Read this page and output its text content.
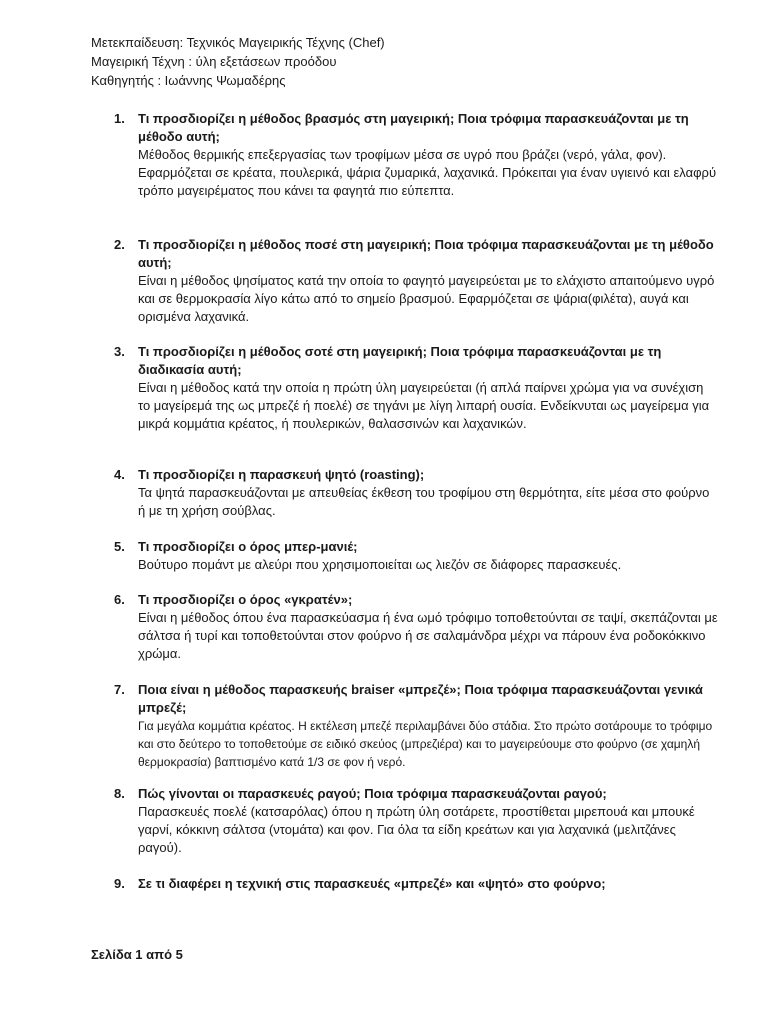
Μετεκπαίδευση: Τεχνικός Μαγειρικής Τέχνης (Chef)
Μαγειρική Τέχνη : ύλη εξετάσεων προόδου
Καθηγητής : Ιωάννης Ψωμαδέρης
1. Τι προσδιορίζει η μέθοδος βρασμός στη μαγειρική; Ποια τρόφιμα παρασκευάζονται με τη μέθοδο αυτή;
Μέθοδος θερμικής επεξεργασίας των τροφίμων μέσα σε υγρό που βράζει (νερό, γάλα, φον). Εφαρμόζεται σε κρέατα, πουλερικά, ψάρια ζυμαρικά, λαχανικά. Πρόκειται για έναν υγιεινό και ελαφρύ τρόπο μαγειρέματος που κάνει τα φαγητά πιο εύπεπτα.
2. Τι προσδιορίζει η μέθοδος ποσέ στη μαγειρική; Ποια τρόφιμα παρασκευάζονται με τη μέθοδο αυτή;
Είναι η μέθοδος ψησίματος κατά την οποία το φαγητό μαγειρεύεται με το ελάχιστο απαιτούμενο υγρό και σε θερμοκρασία λίγο κάτω από το σημείο βρασμού. Εφαρμόζεται σε ψάρια(φιλέτα), αυγά και ορισμένα λαχανικά.
3. Τι προσδιορίζει η μέθοδος σοτέ στη μαγειρική; Ποια τρόφιμα παρασκευάζονται με τη διαδικασία αυτή;
Είναι η μέθοδος κατά την οποία η πρώτη ύλη μαγειρεύεται (ή απλά παίρνει χρώμα για να συνέχιση το μαγείρεμά της ως μπρεζέ ή ποελέ) σε τηγάνι με λίγη λιπαρή ουσία. Ενδείκνυται ως μαγείρεμα για μικρά κομμάτια κρέατος, ή πουλερικών, θαλασσινών και λαχανικών.
4. Τι προσδιορίζει η παρασκευή ψητό (roasting);
Τα ψητά παρασκευάζονται με απευθείας έκθεση του τροφίμου στη θερμότητα, είτε μέσα στο φούρνο ή με τη χρήση σούβλας.
5. Τι προσδιορίζει ο όρος μπερ-μανιέ;
Βούτυρο πομάντ με αλεύρι που χρησιμοποιείται ως λιεζόν σε διάφορες παρασκευές.
6. Τι προσδιορίζει ο όρος «γκρατέν»;
Είναι η μέθοδος όπου ένα παρασκεύασμα ή ένα ωμό τρόφιμο τοποθετούνται σε ταψί, σκεπάζονται με σάλτσα ή τυρί και τοποθετούνται στον φούρνο ή σε σαλαμάνδρα μέχρι να πάρουν ένα ροδοκόκκινο χρώμα.
7. Ποια είναι η μέθοδος παρασκευής braiser «μπρεζέ»; Ποια τρόφιμα παρασκευάζονται γενικά μπρεζέ;
Για μεγάλα κομμάτια κρέατος. Η εκτέλεση μπεζέ περιλαμβάνει δύο στάδια. Στο πρώτο σοτάρουμε το τρόφιμο και στο δεύτερο το τοποθετούμε σε ειδικό σκεύος (μπρεζιέρα) και το μαγειρεύουμε στο φούρνο (σε χαμηλή θερμοκρασία) βαπτισμένο κατά 1/3 σε φον ή νερό.
8. Πώς γίνονται οι παρασκευές ραγού; Ποια τρόφιμα παρασκευάζονται ραγού;
Παρασκευές ποελέ (κατσαρόλας) όπου η πρώτη ύλη σοτάρετε, προστίθεται μιρεπουά και μπουκέ γαρνί, κόκκινη σάλτσα (ντομάτα) και φον. Για όλα τα είδη κρεάτων και για λαχανικά (μελιτζάνες ραγού).
9. Σε τι διαφέρει η τεχνική στις παρασκευές «μπρεζέ» και «ψητό» στο φούρνο;
Σελίδα 1 από 5
